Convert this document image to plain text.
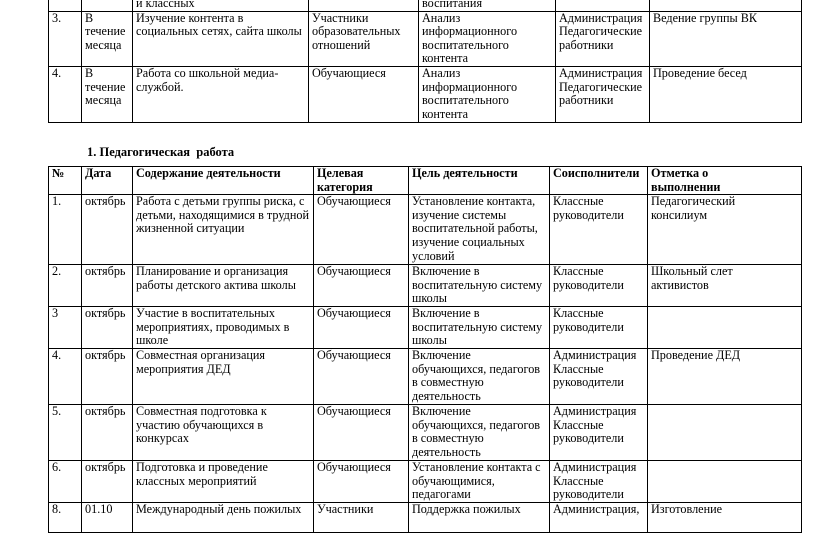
		и классных		воспитания		
3.	В
течение
месяца	Изучение контента в
социальных сетях, сайта школы	Участники
образовательных
отношений	Анализ
информационного
воспитательного
контента	Администрация
Педагогические
работники	Ведение группы ВК
4.	В
течение
месяца	Работа со школьной медиа-
службой.	Обучающиеся	Анализ
информационного
воспитательного
контента	Администрация
Педагогические
работники	Проведение бесед
1. Педагогическая  работа
№	Дата	Содержание деятельности	Целевая
категория	Цель деятельности	Соисполнители	Отметка о
выполнении
1.	октябрь	Работа с детьми группы риска, с
детьми, находящимися в трудной
жизненной ситуации	Обучающиеся	Установление контакта,
изучение системы
воспитательной работы,
изучение социальных
условий	Классные
руководители	Педагогический
консилиум
2.	октябрь	Планирование и организация
работы детского актива школы	Обучающиеся	Включение в
воспитательную систему
школы	Классные
руководители	Школьный слет
активистов
3	октябрь	Участие в воспитательных
мероприятиях, проводимых в
школе	Обучающиеся	Включение в
воспитательную систему
школы	Классные
руководители	
4.	октябрь	Совместная организация
мероприятия ДЕД	Обучающиеся	Включение
обучающихся, педагогов
в совместную
деятельность	Администрация
Классные
руководители	Проведение ДЕД
5.	октябрь	Совместная подготовка к
участию обучающихся в
конкурсах	Обучающиеся	Включение
обучающихся, педагогов
в совместную
деятельность	Администрация
Классные
руководители	
6.	октябрь	Подготовка и проведение
классных мероприятий	Обучающиеся	Установление контакта с
обучающимися,
педагогами	Администрация
Классные
руководители	
8.	01.10	Международный день пожилых	Участники	Поддержка пожилых	Администрация,	Изготовление
